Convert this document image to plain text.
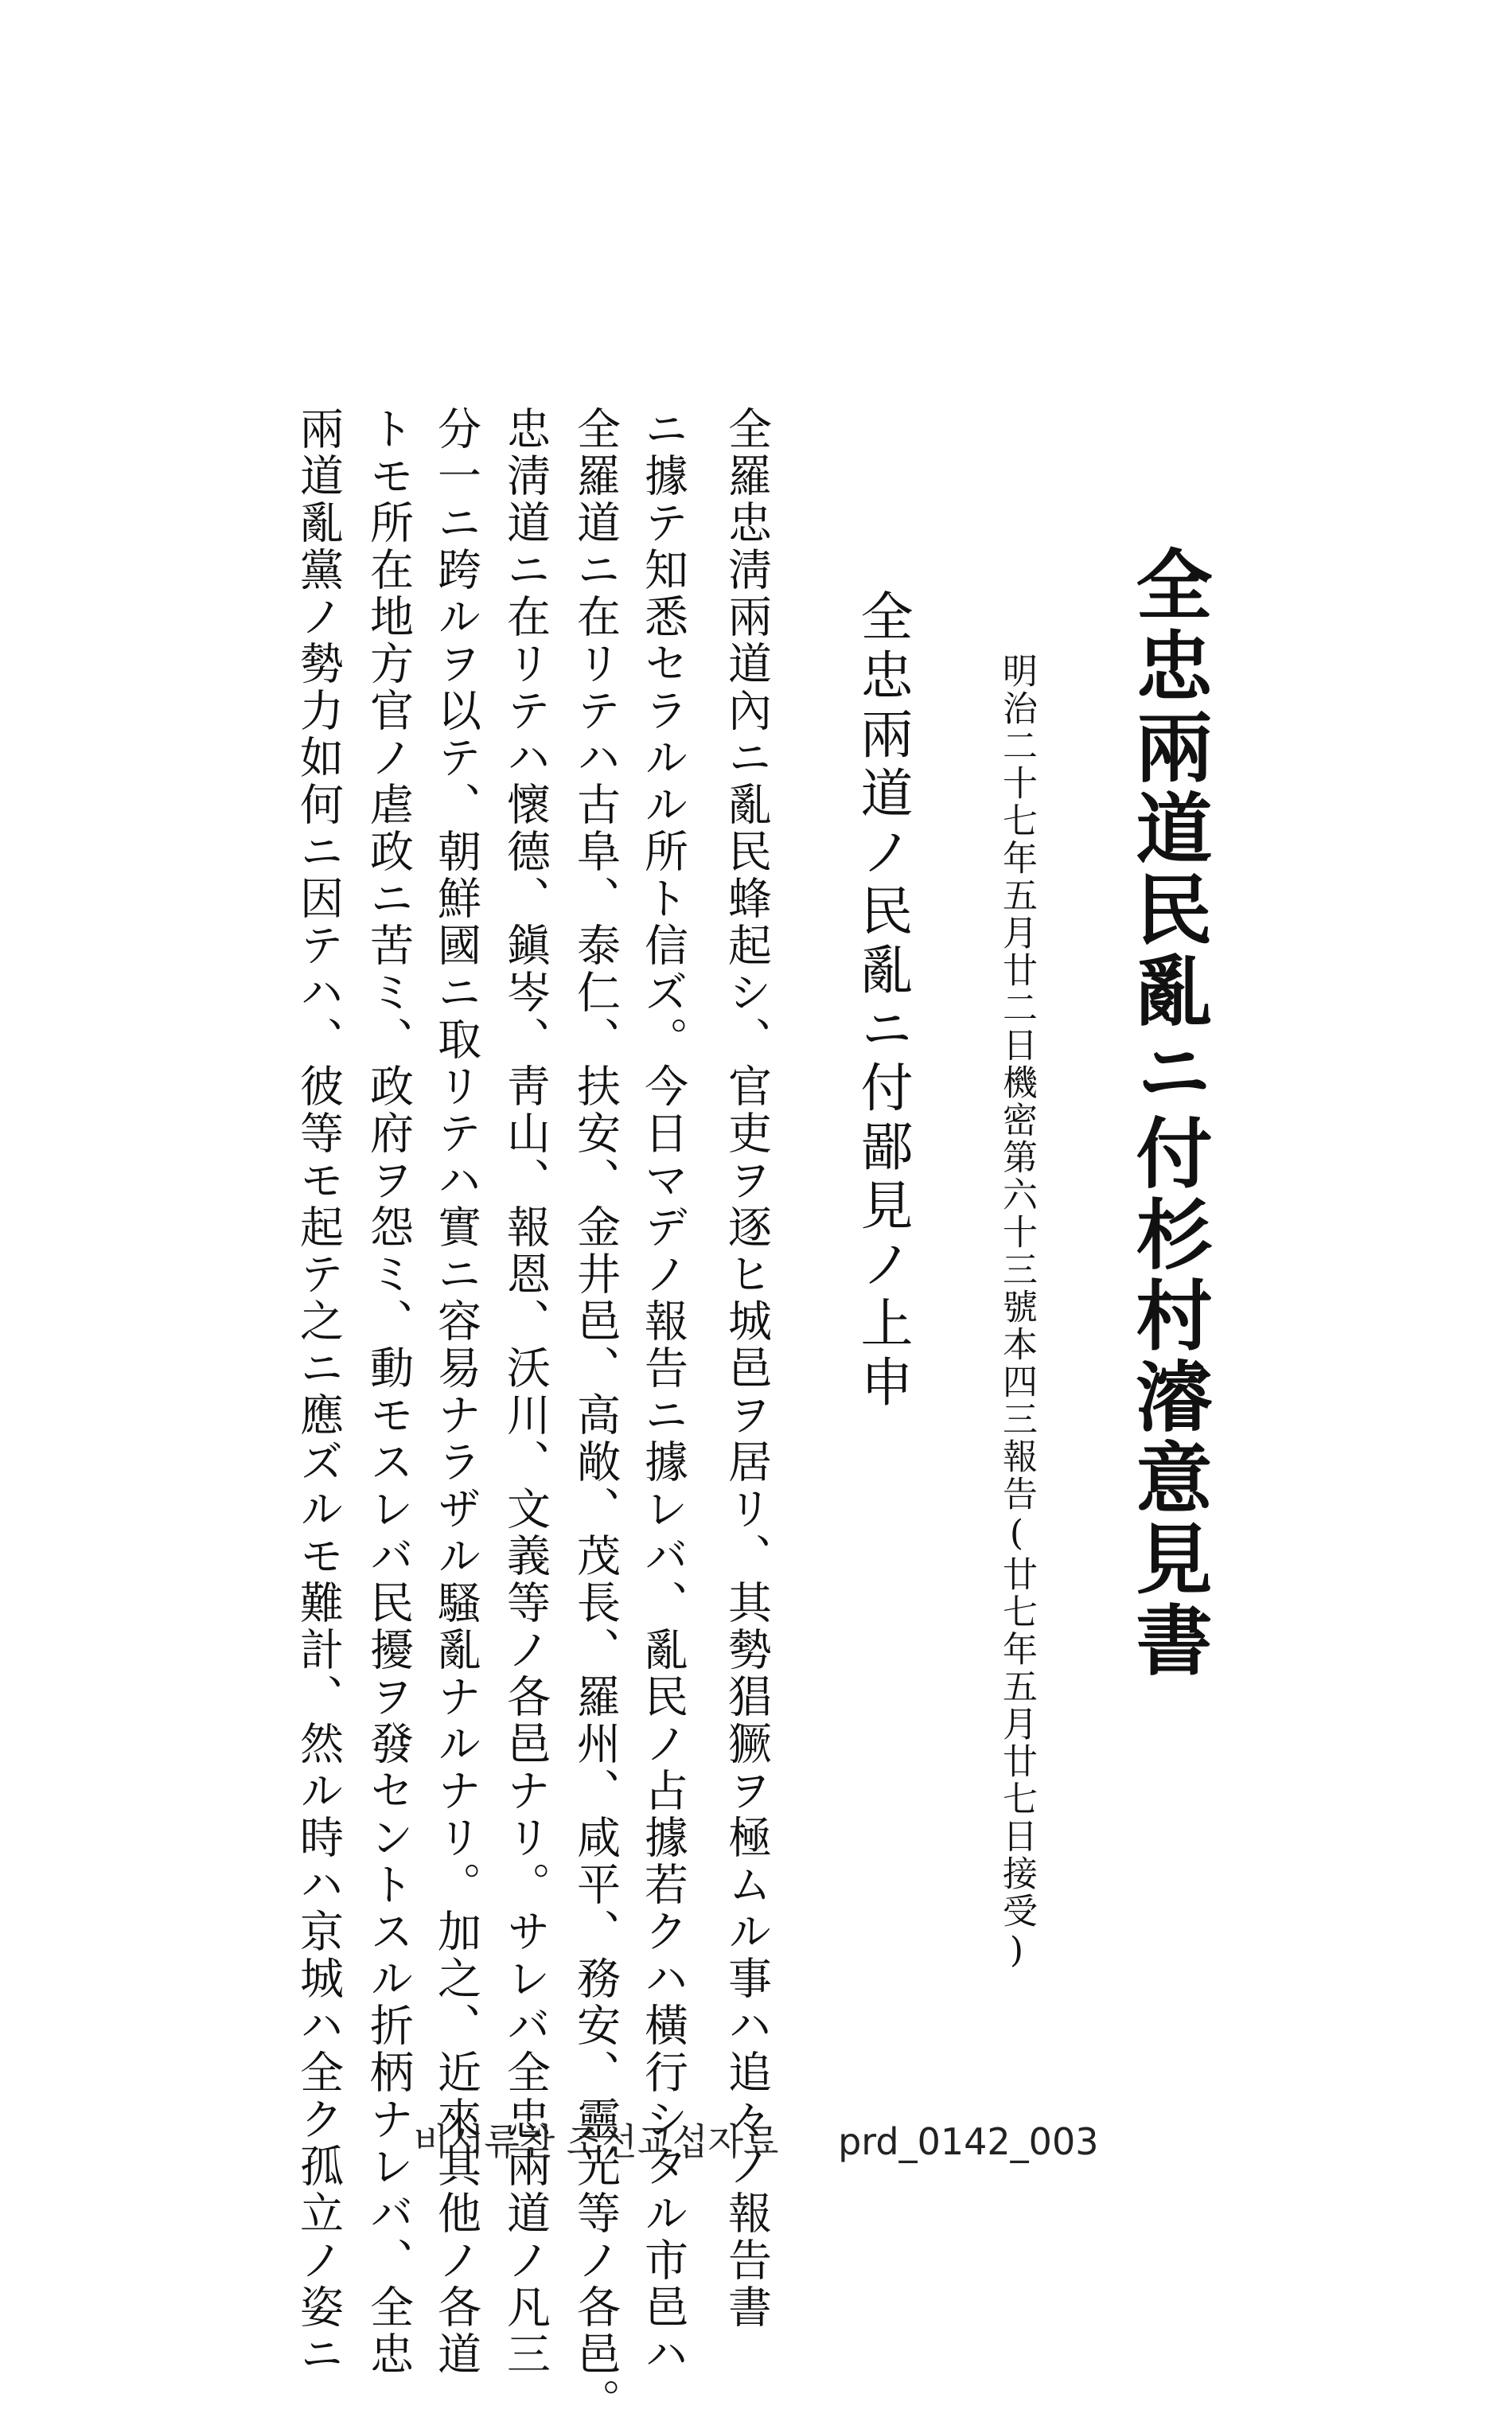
全忠兩道民亂ニ付杉村濬意見書
明治二十七年五月廿二日機密第六十三號本四三報告(廿七年五月廿七日接受)
全忠兩道ノ民亂ニ付鄙見ノ上申
全羅忠淸兩道內ニ亂民蜂起シ、官吏ヲ逐ヒ城邑ヲ居リ、其勢猖獗ヲ極ムル事ハ追々ノ報告書
ニ據テ知悉セラルル所ト信ズ。今日マデノ報告ニ據レバ、亂民ノ占據若クハ橫行シタル市邑ハ
全羅道ニ在リテハ古阜、泰仁、扶安、金井邑、高敞、茂長、羅州、咸平、務安、靈光等ノ各邑。
忠淸道ニ在リテハ懷德、鎭岑、靑山、報恩、沃川、文義等ノ各邑ナリ。サレバ全忠兩道ノ凡三
分一ニ跨ルヲ以テ、朝鮮國ニ取リテハ實ニ容易ナラザル騷亂ナルナリ。加之、近來其他ノ各道
トモ所在地方官ノ虐政ニ苦ミ、政府ヲ怨ミ、動モスレバ民擾ヲ發セントスル折柄ナレバ、全忠
兩道亂黨ノ勢力如何ニ因テハ、彼等モ起テ之ニ應ズルモ難計、然ル時ハ京城ハ全ク孤立ノ姿ニ	비서류찬 조선교섭자료 prd_0142_003
